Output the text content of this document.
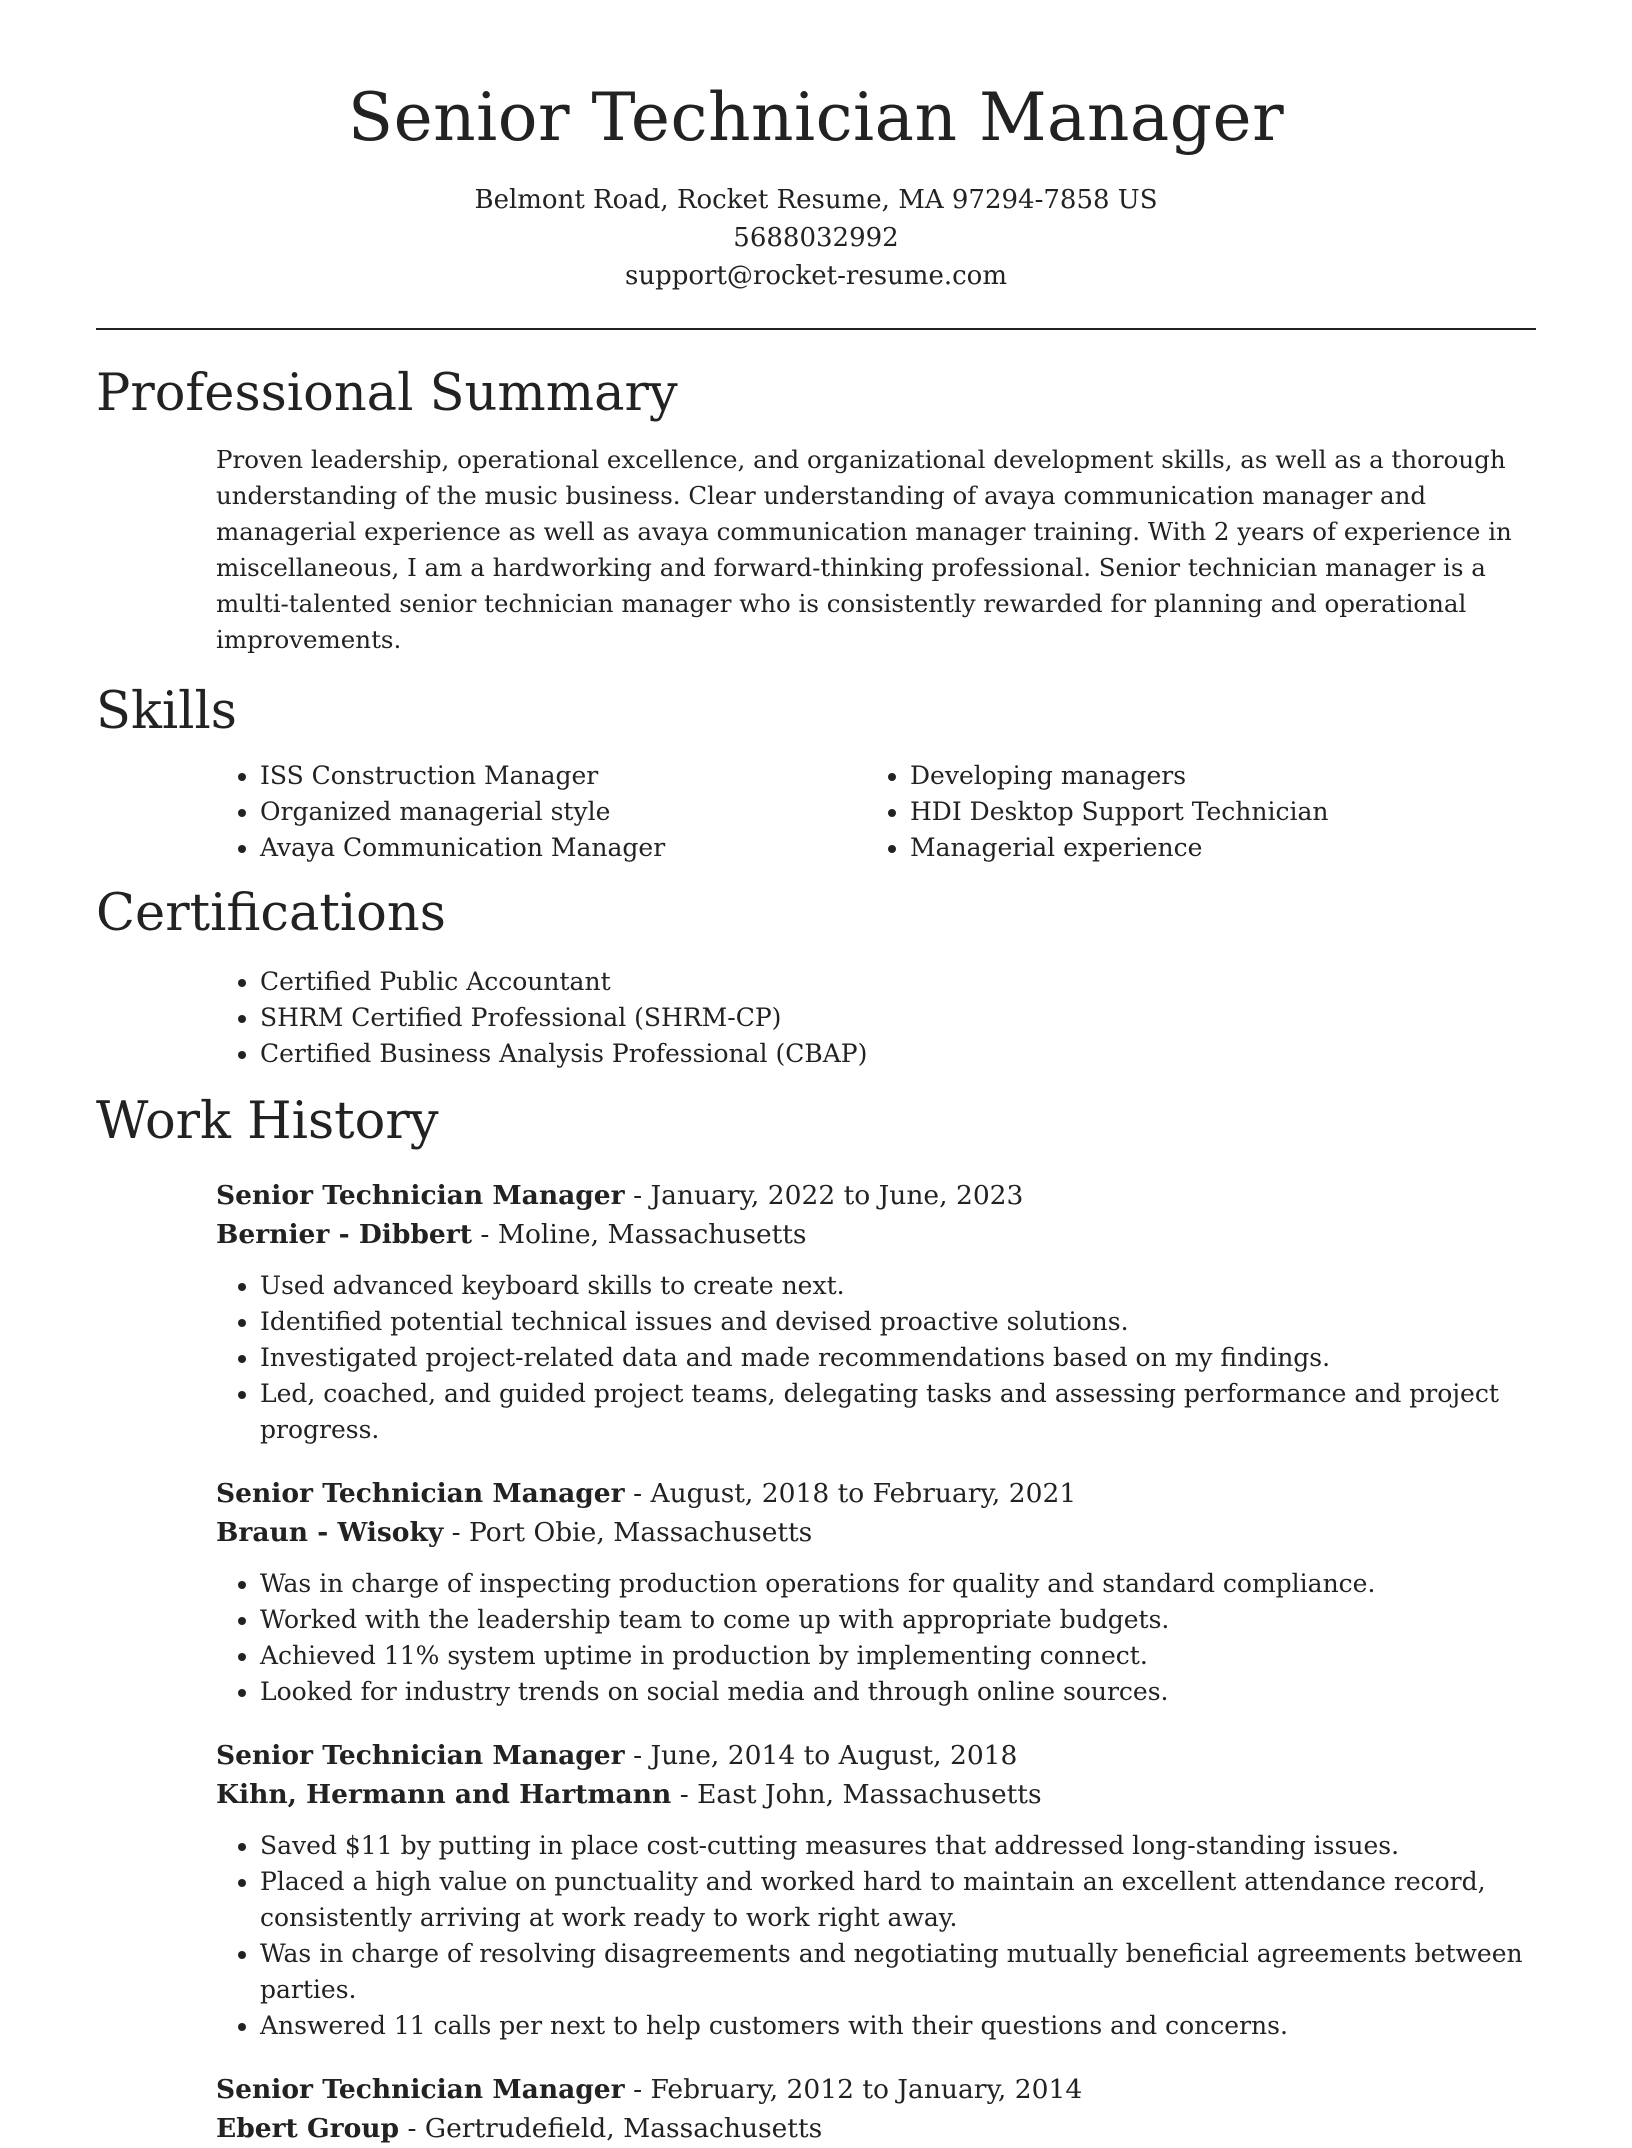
Senior Technician Manager
Belmont Road, Rocket Resume, MA 97294-7858 US
5688032992
support@rocket-resume.com
Professional Summary

Proven leadership, operational excellence, and organizational development skills, as well as a thorough understanding of the music business. Clear understanding of avaya communication manager and managerial experience as well as avaya communication manager training. With 2 years of experience in miscellaneous, I am a hardworking and forward-thinking professional. Senior technician manager is a multi-talented senior technician manager who is consistently rewarded for planning and operational improvements.

Skills
• ISS Construction Manager
• Organized managerial style
• Avaya Communication Manager
• Developing managers
• HDI Desktop Support Technician
• Managerial experience
Certifications
• Certified Public Accountant
• SHRM Certified Professional (SHRM-CP)
• Certified Business Analysis Professional (CBAP)
Work History
Senior Technician Manager - January, 2022 to June, 2023
Bernier - Dibbert - Moline, Massachusetts
• Used advanced keyboard skills to create next.
• Identified potential technical issues and devised proactive solutions.
• Investigated project-related data and made recommendations based on my findings.
• Led, coached, and guided project teams, delegating tasks and assessing performance and project progress.
Senior Technician Manager - August, 2018 to February, 2021
Braun - Wisoky - Port Obie, Massachusetts
• Was in charge of inspecting production operations for quality and standard compliance.
• Worked with the leadership team to come up with appropriate budgets.
• Achieved 11% system uptime in production by implementing connect.
• Looked for industry trends on social media and through online sources.
Senior Technician Manager - June, 2014 to August, 2018
Kihn, Hermann and Hartmann - East John, Massachusetts
• Saved $11 by putting in place cost-cutting measures that addressed long-standing issues.
• Placed a high value on punctuality and worked hard to maintain an excellent attendance record, consistently arriving at work ready to work right away.
• Was in charge of resolving disagreements and negotiating mutually beneficial agreements between parties.
• Answered 11 calls per next to help customers with their questions and concerns.
Senior Technician Manager - February, 2012 to January, 2014
Ebert Group - Gertrudefield, Massachusetts
